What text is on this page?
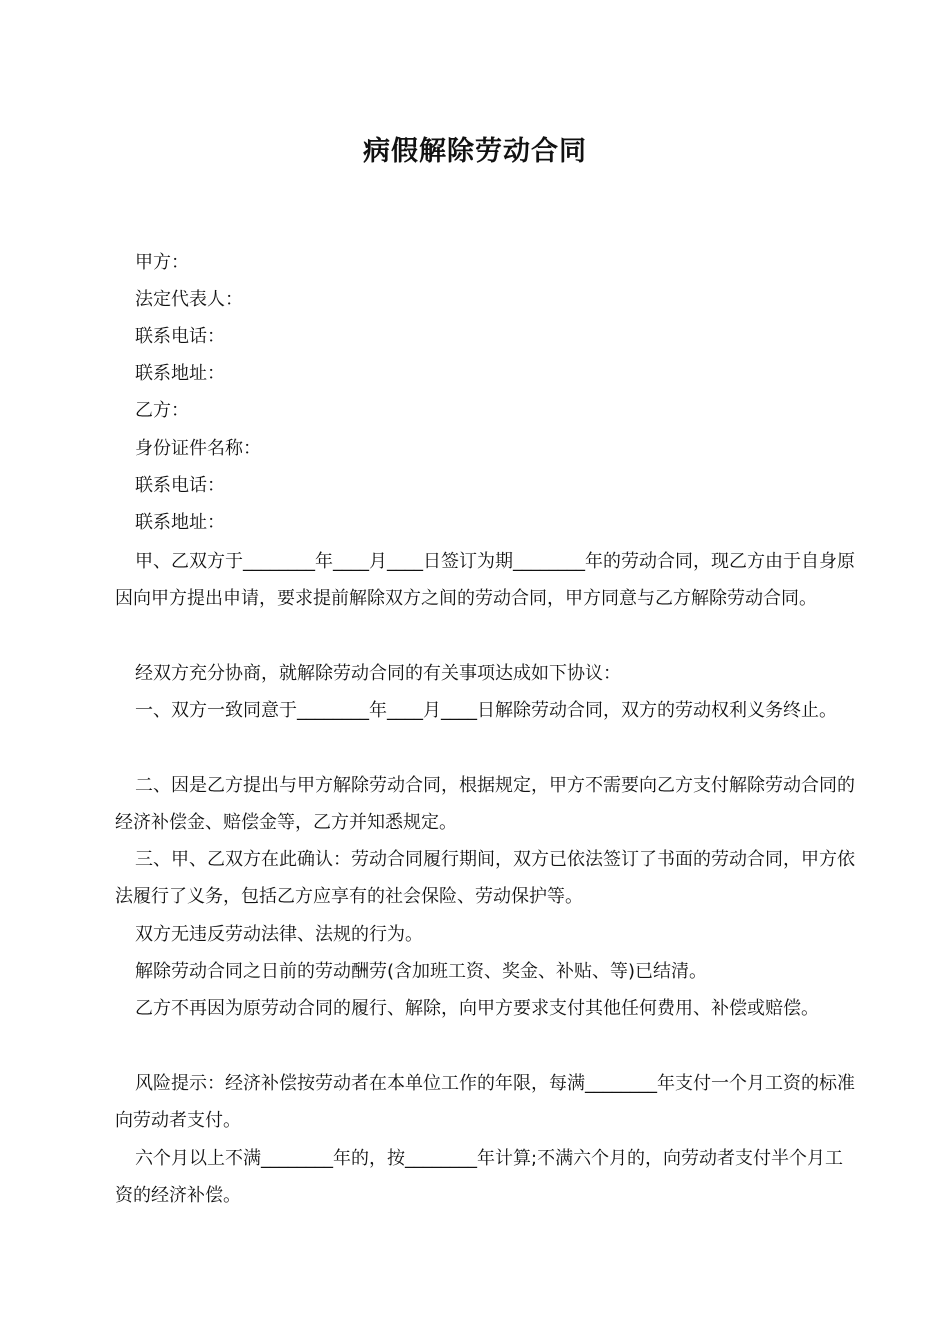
病假解除劳动合同
甲方：
法定代表人：
联系电话：
联系地址：
乙方：
身份证件名称：
联系电话：
联系地址：
甲、乙双方于________年____月____日签订为期________年的劳动合同，现乙方由于自身原因向甲方提出申请，要求提前解除双方之间的劳动合同，甲方同意与乙方解除劳动合同。
经双方充分协商，就解除劳动合同的有关事项达成如下协议：
一、双方一致同意于________年____月____日解除劳动合同，双方的劳动权利义务终止。
二、因是乙方提出与甲方解除劳动合同，根据规定，甲方不需要向乙方支付解除劳动合同的经济补偿金、赔偿金等，乙方并知悉规定。
三、甲、乙双方在此确认：劳动合同履行期间，双方已依法签订了书面的劳动合同，甲方依法履行了义务，包括乙方应享有的社会保险、劳动保护等。
双方无违反劳动法律、法规的行为。
解除劳动合同之日前的劳动酬劳(含加班工资、奖金、补贴、等)已结清。
乙方不再因为原劳动合同的履行、解除，向甲方要求支付其他任何费用、补偿或赔偿。
风险提示：经济补偿按劳动者在本单位工作的年限，每满________年支付一个月工资的标准向劳动者支付。
六个月以上不满________年的，按________年计算;不满六个月的，向劳动者支付半个月工资的经济补偿。
